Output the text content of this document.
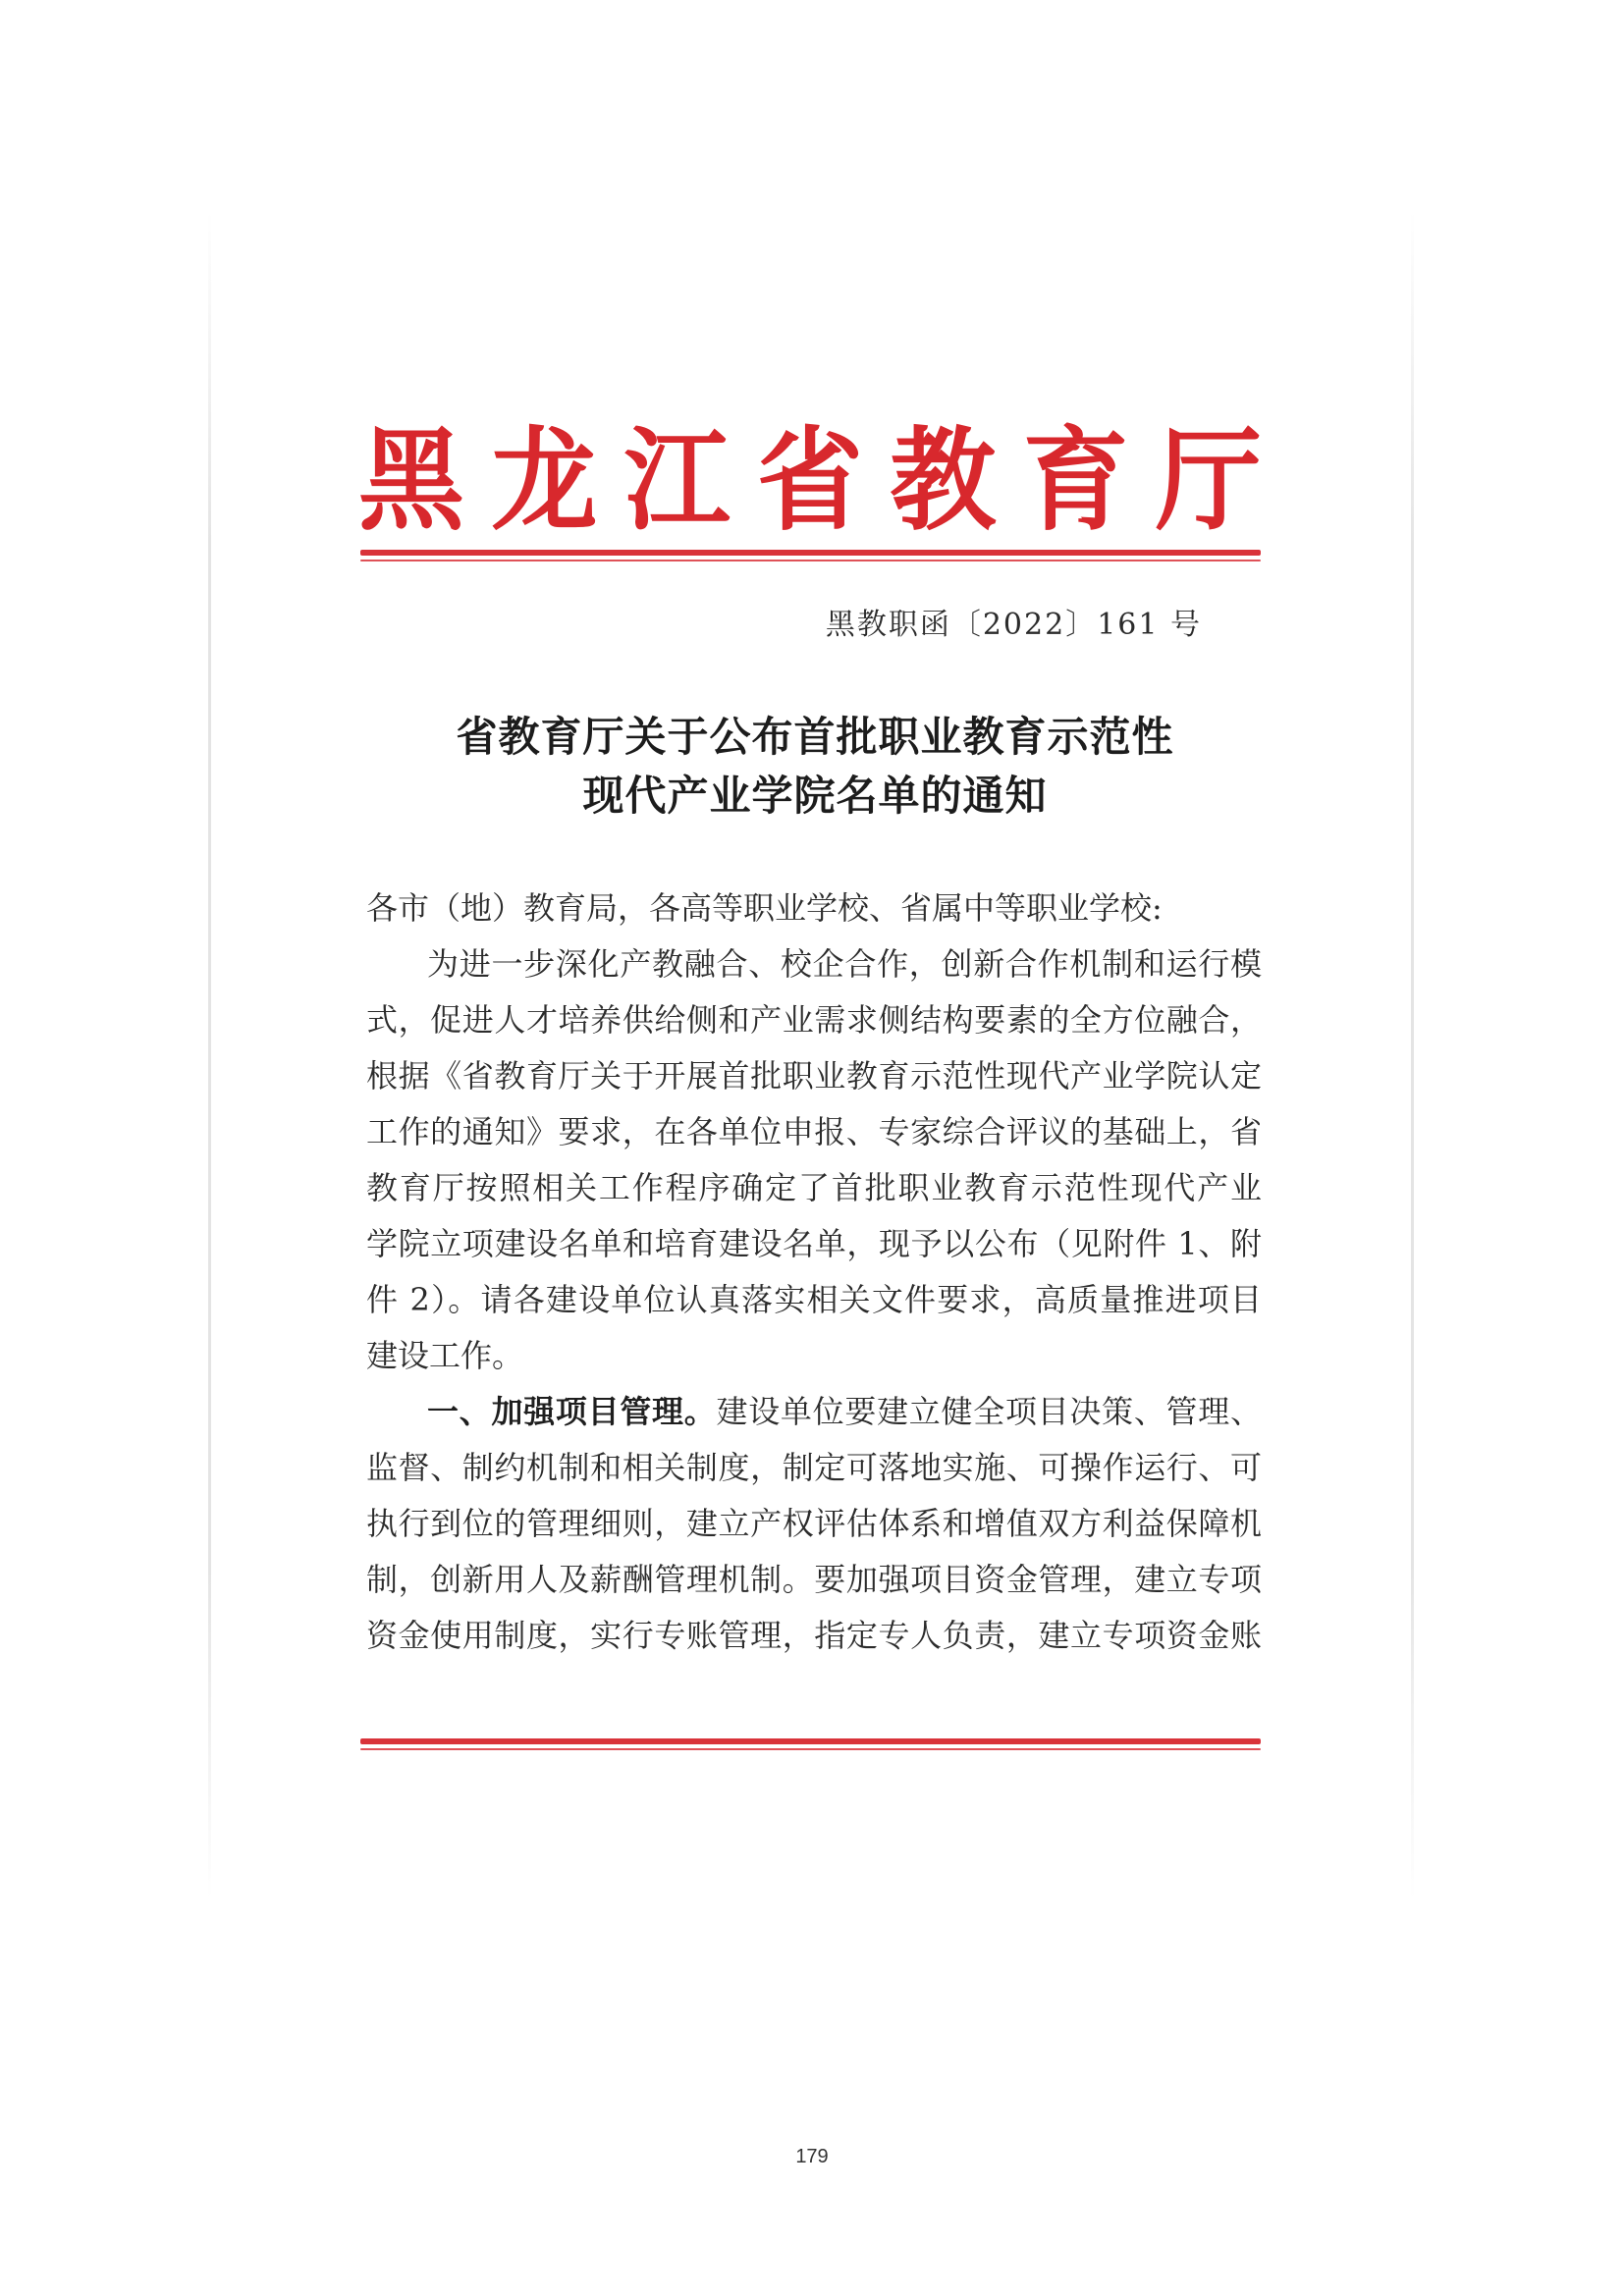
黑 龙 江 省 教 育 厅
黑教职函〔2022〕161 号
省教育厅关于公布首批职业教育示范性
现代产业学院名单的通知
各市（地）教育局，各高等职业学校、省属中等职业学校:
为进一步深化产教融合、校企合作，创新合作机制和运行模
式，促进人才培养供给侧和产业需求侧结构要素的全方位融合，
根据《省教育厅关于开展首批职业教育示范性现代产业学院认定
工作的通知》要求，在各单位申报、专家综合评议的基础上，省
教育厅按照相关工作程序确定了首批职业教育示范性现代产业
学院立项建设名单和培育建设名单，现予以公布（见附件 1、附
件 2）。请各建设单位认真落实相关文件要求，高质量推进项目
建设工作。
一、加强项目管理。建设单位要建立健全项目决策、管理、
监督、制约机制和相关制度，制定可落地实施、可操作运行、可
执行到位的管理细则，建立产权评估体系和增值双方利益保障机
制，创新用人及薪酬管理机制。要加强项目资金管理，建立专项
资金使用制度，实行专账管理，指定专人负责，建立专项资金账
179
